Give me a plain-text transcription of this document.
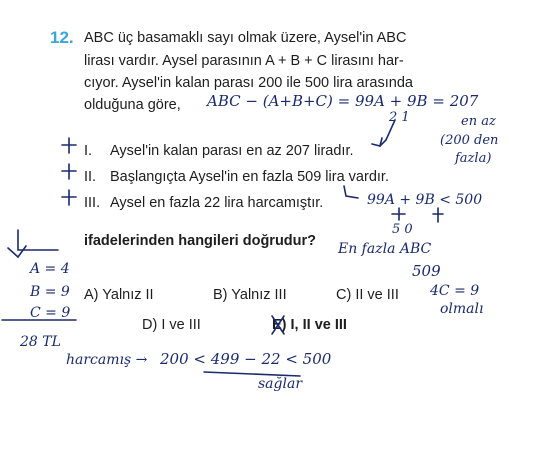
12. ABC üç basamaklı sayı olmak üzere, Aysel'in ABC
lirası vardır. Aysel parasının A + B + C lirasını har-
cıyor. Aysel'in kalan parası 200 ile 500 lira arasında
olduğuna göre,
I. Aysel'in kalan parası en az 207 liradır.
II. Başlangıçta Aysel'in en fazla 509 lira vardır.
III. Aysel en fazla 22 lira harcamıştır.
ifadelerinden hangileri doğrudur?
A) Yalnız II	B) Yalnız III	C) II ve III
D) I ve III	E) I, II ve III
ABC − (A+B+C) = 99A + 9B = 207
2 1	en az
(200 den
fazla)
99A + 9B < 500
5 0
En fazla ABC
509
4C = 9
olmalı
A = 4
B = 9
C = 9
28 TL
harcamış → 200 < 499 − 22 < 500
sağlar
